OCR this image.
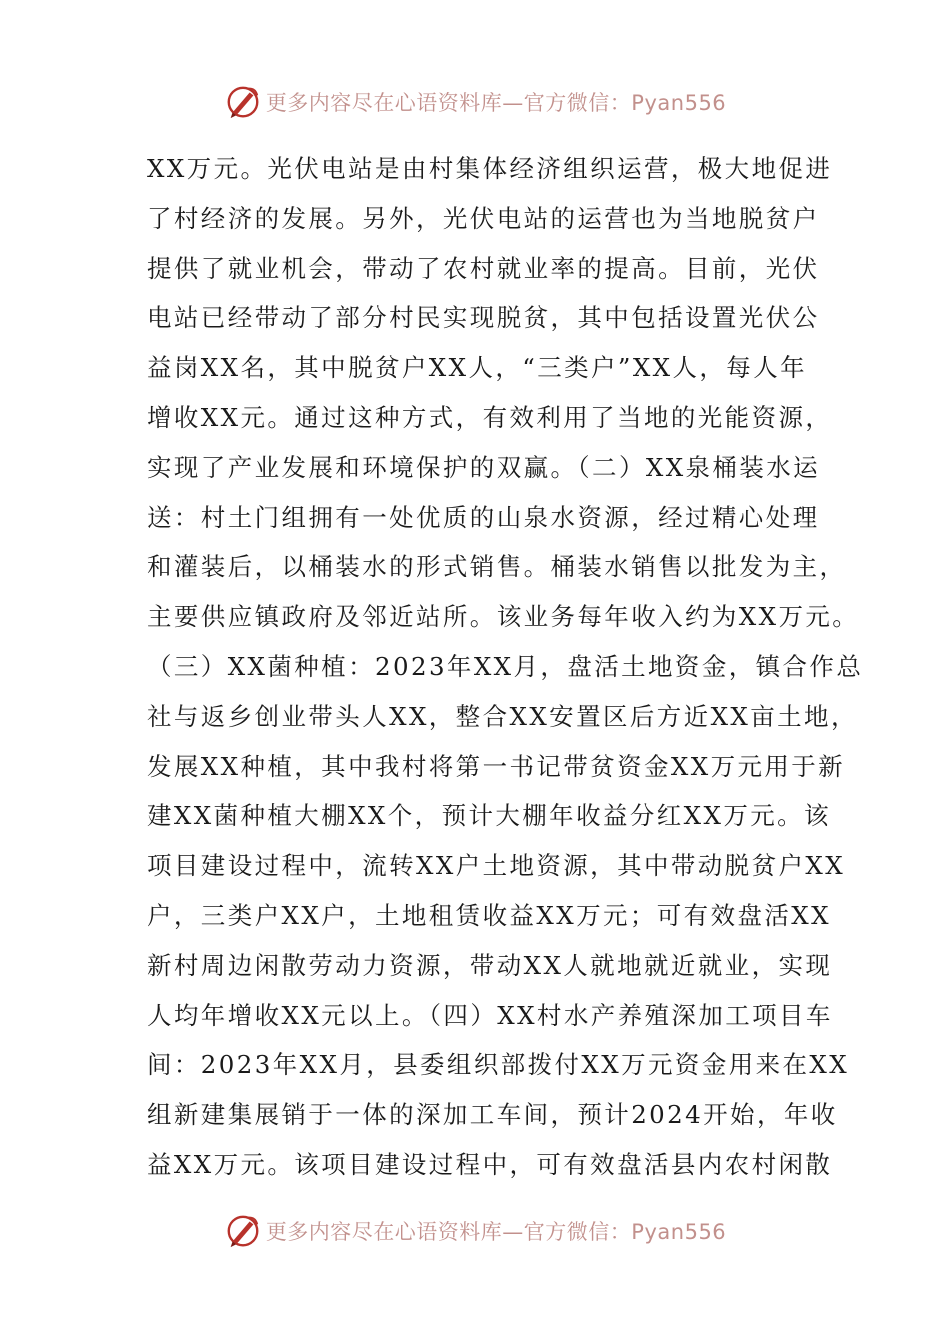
更多内容尽在心语资料库—官方微信：Pyan556
XX万元。光伏电站是由村集体经济组织运营，极大地促进
了村经济的发展。另外，光伏电站的运营也为当地脱贫户
提供了就业机会，带动了农村就业率的提高。目前，光伏
电站已经带动了部分村民实现脱贫，其中包括设置光伏公
益岗XX名，其中脱贫户XX人，“三类户”XX人，每人年
增收XX元。通过这种方式，有效利用了当地的光能资源，
实现了产业发展和环境保护的双赢。（二）XX泉桶装水运
送：村土门组拥有一处优质的山泉水资源，经过精心处理
和灌装后，以桶装水的形式销售。桶装水销售以批发为主，
主要供应镇政府及邻近站所。该业务每年收入约为XX万元。
（三）XX菌种植：2023年XX月，盘活土地资金，镇合作总
社与返乡创业带头人XX，整合XX安置区后方近XX亩土地，
发展XX种植，其中我村将第一书记带贫资金XX万元用于新
建XX菌种植大棚XX个，预计大棚年收益分红XX万元。该
项目建设过程中，流转XX户土地资源，其中带动脱贫户XX
户，三类户XX户，土地租赁收益XX万元；可有效盘活XX
新村周边闲散劳动力资源，带动XX人就地就近就业，实现
人均年增收XX元以上。（四）XX村水产养殖深加工项目车
间：2023年XX月，县委组织部拨付XX万元资金用来在XX
组新建集展销于一体的深加工车间，预计2024开始，年收
益XX万元。该项目建设过程中，可有效盘活县内农村闲散
更多内容尽在心语资料库—官方微信：Pyan556
